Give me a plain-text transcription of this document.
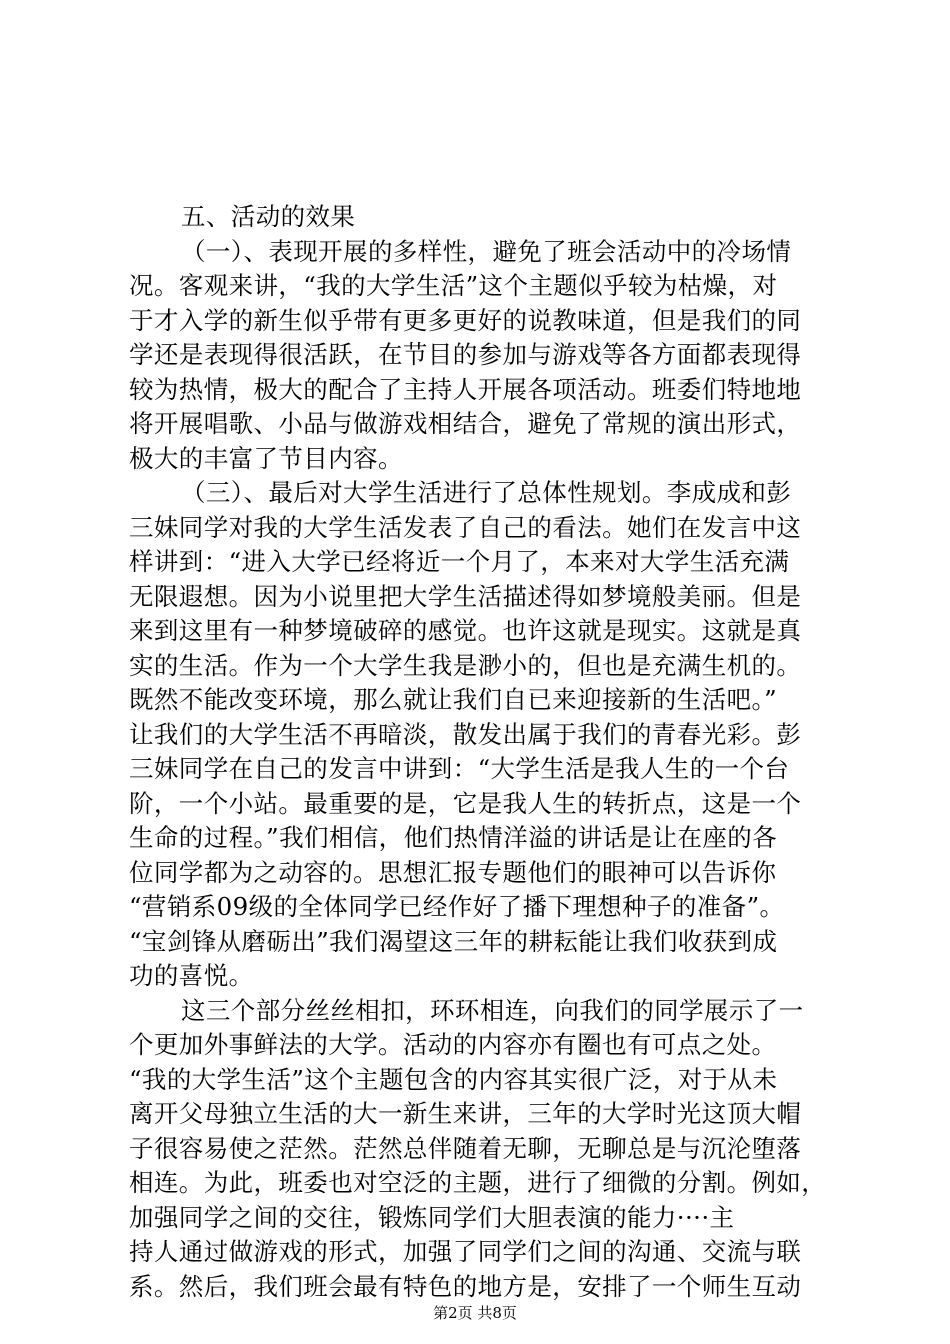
五、活动的效果
（一）、表现开展的多样性，避免了班会活动中的冷场情
况。客观来讲，“我的大学生活”这个主题似乎较为枯燥，对
于才入学的新生似乎带有更多更好的说教味道，但是我们的同
学还是表现得很活跃，在节目的参加与游戏等各方面都表现得
较为热情，极大的配合了主持人开展各项活动。班委们特地地
将开展唱歌、小品与做游戏相结合，避免了常规的演出形式，
极大的丰富了节目内容。
（三）、最后对大学生活进行了总体性规划。李成成和彭
三妹同学对我的大学生活发表了自己的看法。她们在发言中这
样讲到：“进入大学已经将近一个月了，本来对大学生活充满
无限遐想。因为小说里把大学生活描述得如梦境般美丽。但是
来到这里有一种梦境破碎的感觉。也许这就是现实。这就是真
实的生活。作为一个大学生我是渺小的，但也是充满生机的。
既然不能改变环境，那么就让我们自已来迎接新的生活吧。”
让我们的大学生活不再暗淡，散发出属于我们的青春光彩。彭
三妹同学在自己的发言中讲到：“大学生活是我人生的一个台
阶，一个小站。最重要的是，它是我人生的转折点，这是一个
生命的过程。”我们相信，他们热情洋溢的讲话是让在座的各
位同学都为之动容的。思想汇报专题他们的眼神可以告诉你
“营销系09级的全体同学已经作好了播下理想种子的准备”。
“宝剑锋从磨砺出”我们渴望这三年的耕耘能让我们收获到成
功的喜悦。
这三个部分丝丝相扣，环环相连，向我们的同学展示了一
个更加外事鲜法的大学。活动的内容亦有圈也有可点之处。
“我的大学生活”这个主题包含的内容其实很广泛，对于从未
离开父母独立生活的大一新生来讲，三年的大学时光这顶大帽
子很容易使之茫然。茫然总伴随着无聊，无聊总是与沉沦堕落
相连。为此，班委也对空泛的主题，进行了细微的分割。例如，
加强同学之间的交往，锻炼同学们大胆表演的能力····主
持人通过做游戏的形式，加强了同学们之间的沟通、交流与联
系。然后，我们班会最有特色的地方是，安排了一个师生互动
第2页 共8页
